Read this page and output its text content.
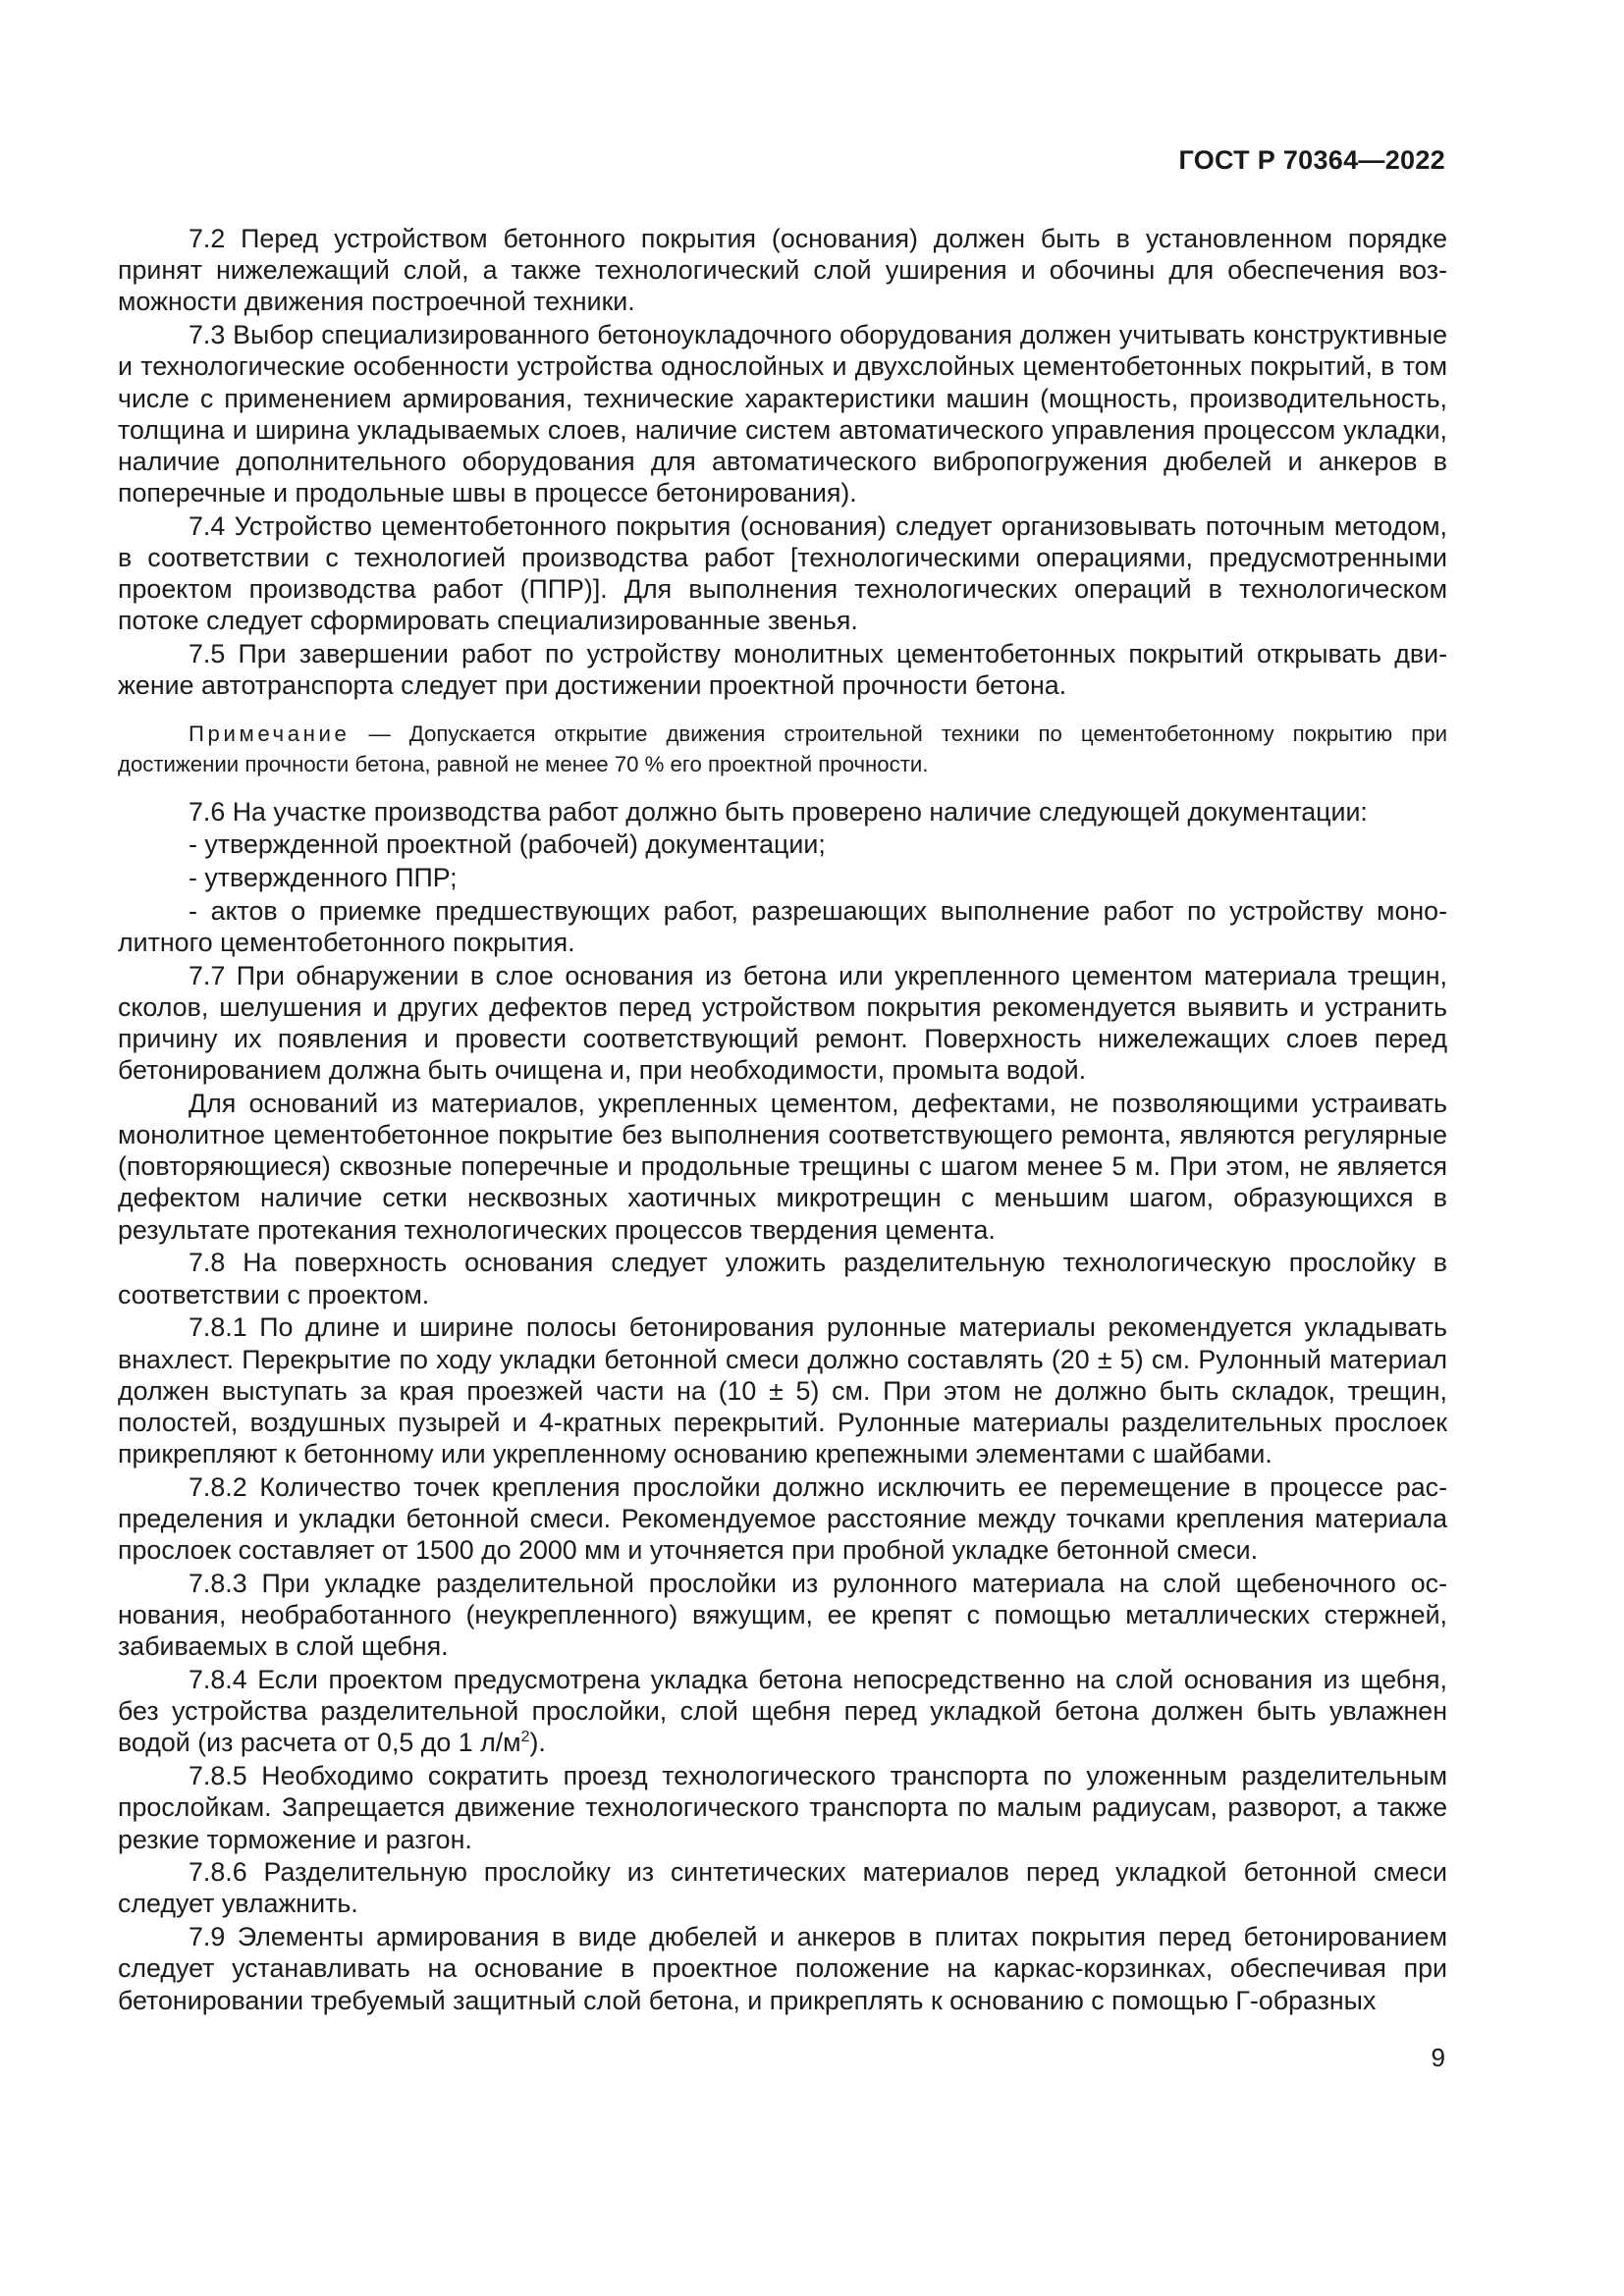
ГОСТ Р 70364—2022

7.2 Перед устройством бетонного покрытия (основания) должен быть в установленном порядке принят нижележащий слой, а также технологический слой уширения и обочины для обеспечения возможности движения построечной техники.

7.3 Выбор специализированного бетоноукладочного оборудования должен учитывать конструктивные и технологические особенности устройства однослойных и двухслойных цементобетонных покрытий, в том числе с применением армирования, технические характеристики машин (мощность, производительность, толщина и ширина укладываемых слоев, наличие систем автоматического управления процессом укладки, наличие дополнительного оборудования для автоматического вибропогружения дюбелей и анкеров в поперечные и продольные швы в процессе бетонирования).

7.4 Устройство цементобетонного покрытия (основания) следует организовывать поточным методом, в соответствии с технологией производства работ [технологическими операциями, предусмотренными проектом производства работ (ППР)]. Для выполнения технологических операций в технологическом потоке следует сформировать специализированные звенья.

7.5 При завершении работ по устройству монолитных цементобетонных покрытий открывать движение автотранспорта следует при достижении проектной прочности бетона.

Примечание — Допускается открытие движения строительной техники по цементобетонному покрытию при достижении прочности бетона, равной не менее 70 % его проектной прочности.

7.6 На участке производства работ должно быть проверено наличие следующей документации:

- утвержденной проектной (рабочей) документации;

- утвержденного ППР;

- актов о приемке предшествующих работ, разрешающих выполнение работ по устройству монолитного цементобетонного покрытия.

7.7 При обнаружении в слое основания из бетона или укрепленного цементом материала трещин, сколов, шелушения и других дефектов перед устройством покрытия рекомендуется выявить и устранить причину их появления и провести соответствующий ремонт. Поверхность нижележащих слоев перед бетонированием должна быть очищена и, при необходимости, промыта водой.

Для оснований из материалов, укрепленных цементом, дефектами, не позволяющими устраивать монолитное цементобетонное покрытие без выполнения соответствующего ремонта, являются регулярные (повторяющиеся) сквозные поперечные и продольные трещины с шагом менее 5 м. При этом, не является дефектом наличие сетки несквозных хаотичных микротрещин с меньшим шагом, образующихся в результате протекания технологических процессов твердения цемента.

7.8 На поверхность основания следует уложить разделительную технологическую прослойку в соответствии с проектом.

7.8.1 По длине и ширине полосы бетонирования рулонные материалы рекомендуется укладывать внахлест. Перекрытие по ходу укладки бетонной смеси должно составлять (20 ± 5) см. Рулонный материал должен выступать за края проезжей части на (10 ± 5) см. При этом не должно быть складок, трещин, полостей, воздушных пузырей и 4-кратных перекрытий. Рулонные материалы разделительных прослоек прикрепляют к бетонному или укрепленному основанию крепежными элементами с шайбами.

7.8.2 Количество точек крепления прослойки должно исключить ее перемещение в процессе распределения и укладки бетонной смеси. Рекомендуемое расстояние между точками крепления материала прослоек составляет от 1500 до 2000 мм и уточняется при пробной укладке бетонной смеси.

7.8.3 При укладке разделительной прослойки из рулонного материала на слой щебеночного основания, необработанного (неукрепленного) вяжущим, ее крепят с помощью металлических стержней, забиваемых в слой щебня.

7.8.4 Если проектом предусмотрена укладка бетона непосредственно на слой основания из щебня, без устройства разделительной прослойки, слой щебня перед укладкой бетона должен быть увлажнен водой (из расчета от 0,5 до 1 $л/м^2$).

7.8.5 Необходимо сократить проезд технологического транспорта по уложенным разделительным прослойкам. Запрещается движение технологического транспорта по малым радиусам, разворот, а также резкие торможение и разгон.

7.8.6 Разделительную прослойку из синтетических материалов перед укладкой бетонной смеси следует увлажнить.

7.9 Элементы армирования в виде дюбелей и анкеров в плитах покрытия перед бетонированием следует устанавливать на основание в проектное положение на каркас-корзинках, обеспечивая при бетонировании требуемый защитный слой бетона, и прикреплять к основанию с помощью Г-образных

9
